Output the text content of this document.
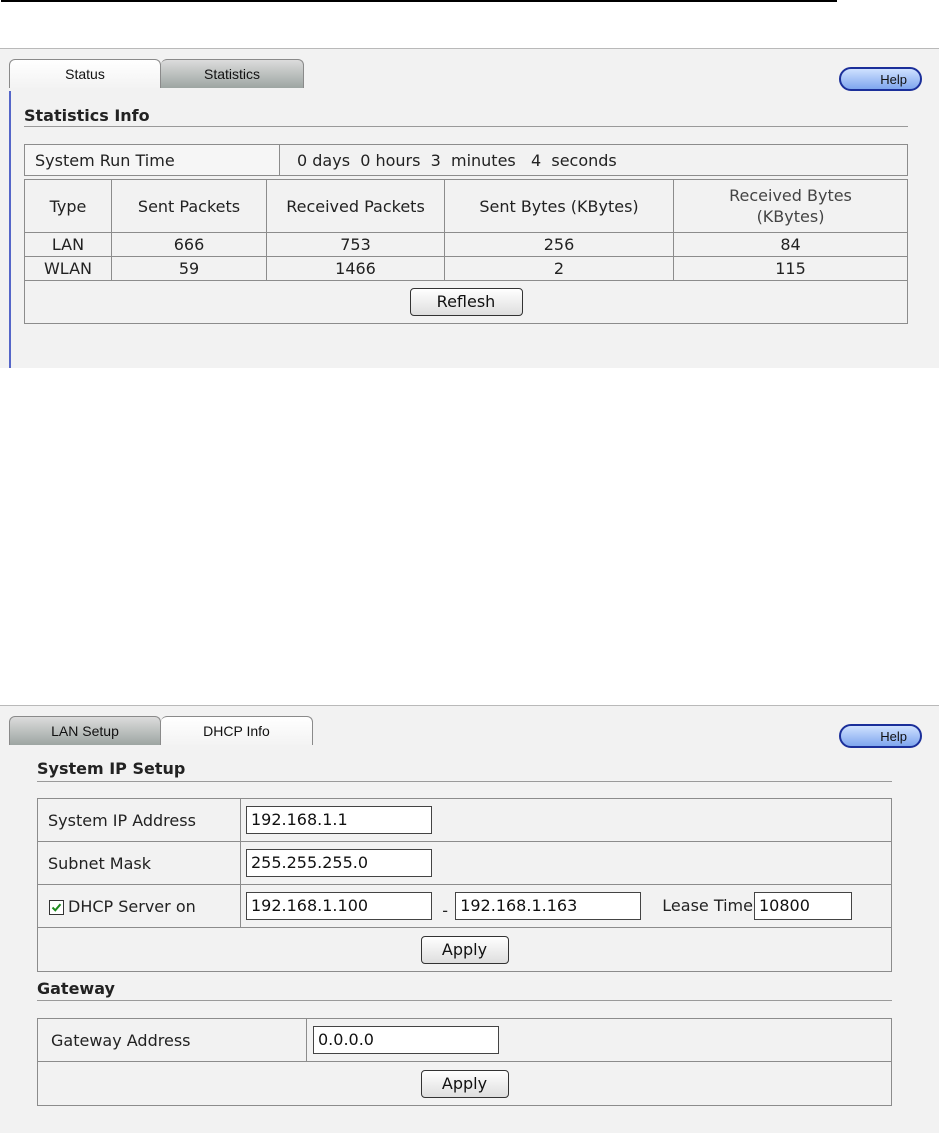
Status	Statistics	Help
Statistics Info
System Run Time	0 days  0 hours  3  minutes   4  seconds
Type	Sent Packets	Received Packets	Sent Bytes (KBytes)	Received Bytes (KBytes)
LAN	666	753	256	84
WLAN	59	1466	2	115
Reflesh				
LAN Setup	DHCP Info	Help
System IP Setup
System IP Address	192.168.1.1
Subnet Mask	255.255.255.0

DHCP Server on	192.168.1.100 - 192.168.1.163 Lease Time 10800
Apply	
Gateway
Gateway Address	0.0.0.0
Apply
